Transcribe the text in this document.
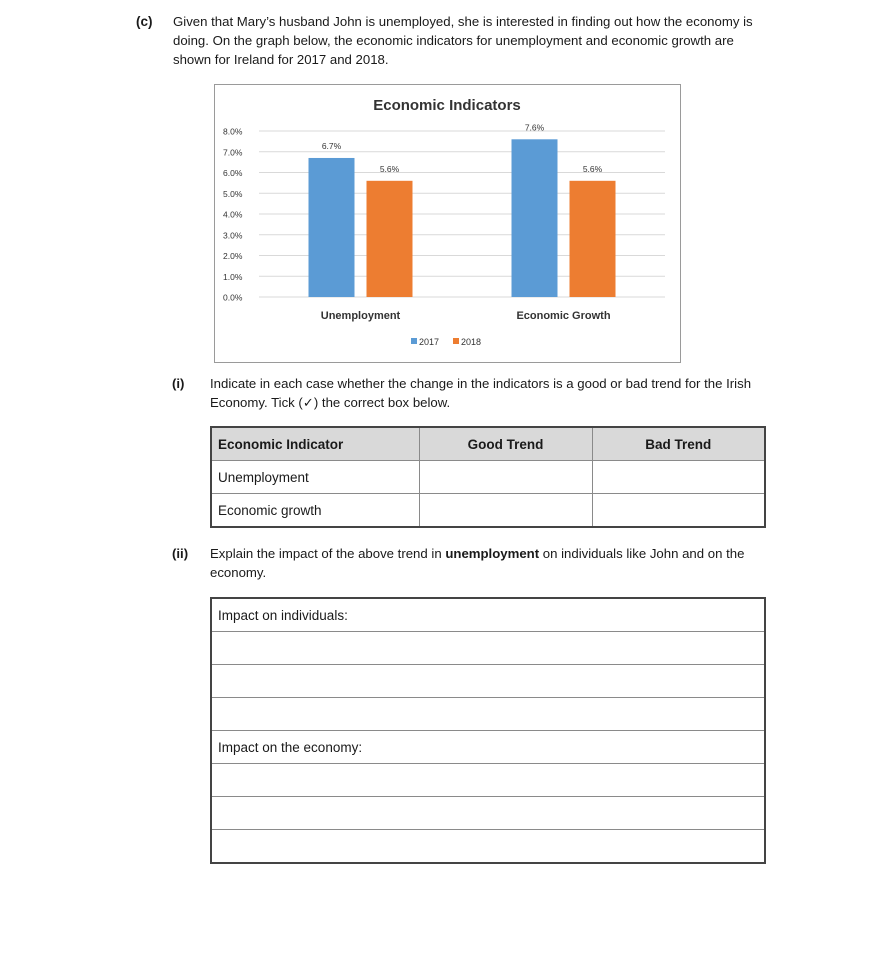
(c) Given that Mary’s husband John is unemployed, she is interested in finding out how the economy is doing. On the graph below, the economic indicators for unemployment and economic growth are shown for Ireland for 2017 and 2018.
Economic Indicators
0.0%
1.0%
2.0%
3.0%
4.0%
5.0%
6.0%
7.0%
8.0%
6.7%
5.6%
Unemployment
7.6%
5.6%
Economic Growth
2017 2018
(i) Indicate in each case whether the change in the indicators is a good or bad trend for the Irish Economy. Tick (✓) the correct box below.
Economic Indicator	Good Trend	Bad Trend
Unemployment		
Economic growth		
(ii) Explain the impact of the above trend in unemployment on individuals like John and on the economy.
Impact on individuals:

Impact on the economy:
